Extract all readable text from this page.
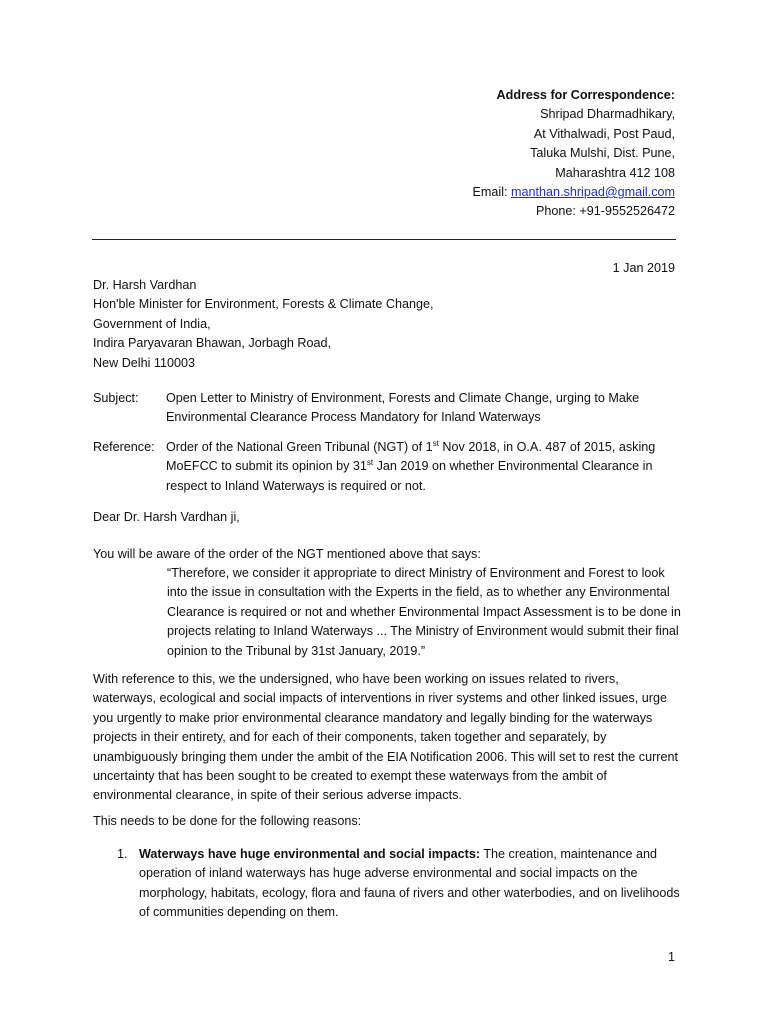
Address for Correspondence:
Shripad Dharmadhikary,
At Vithalwadi, Post Paud,
Taluka Mulshi, Dist. Pune,
Maharashtra 412 108
Email: manthan.shripad@gmail.com
Phone: +91-9552526472
1 Jan 2019
Dr. Harsh Vardhan
Hon'ble Minister for Environment, Forests & Climate Change,
Government of India,
Indira Paryavaran Bhawan, Jorbagh Road,
New Delhi 110003
Subject: Open Letter to Ministry of Environment, Forests and Climate Change, urging to Make Environmental Clearance Process Mandatory for Inland Waterways
Reference: Order of the National Green Tribunal (NGT) of 1st Nov 2018, in O.A. 487 of 2015, asking MoEFCC to submit its opinion by 31st Jan 2019 on whether Environmental Clearance in respect to Inland Waterways is required or not.
Dear Dr. Harsh Vardhan ji,
You will be aware of the order of the NGT mentioned above that says:
“Therefore, we consider it appropriate to direct Ministry of Environment and Forest to look into the issue in consultation with the Experts in the field, as to whether any Environmental Clearance is required or not and whether Environmental Impact Assessment is to be done in projects relating to Inland Waterways ... The Ministry of Environment would submit their final opinion to the Tribunal by 31st January, 2019.”
With reference to this, we the undersigned, who have been working on issues related to rivers, waterways, ecological and social impacts of interventions in river systems and other linked issues, urge you urgently to make prior environmental clearance mandatory and legally binding for the waterways projects in their entirety, and for each of their components, taken together and separately, by unambiguously bringing them under the ambit of the EIA Notification 2006. This will set to rest the current uncertainty that has been sought to be created to exempt these waterways from the ambit of environmental clearance, in spite of their serious adverse impacts.
This needs to be done for the following reasons:
1. Waterways have huge environmental and social impacts: The creation, maintenance and operation of inland waterways has huge adverse environmental and social impacts on the morphology, habitats, ecology, flora and fauna of rivers and other waterbodies, and on livelihoods of communities depending on them.
1
